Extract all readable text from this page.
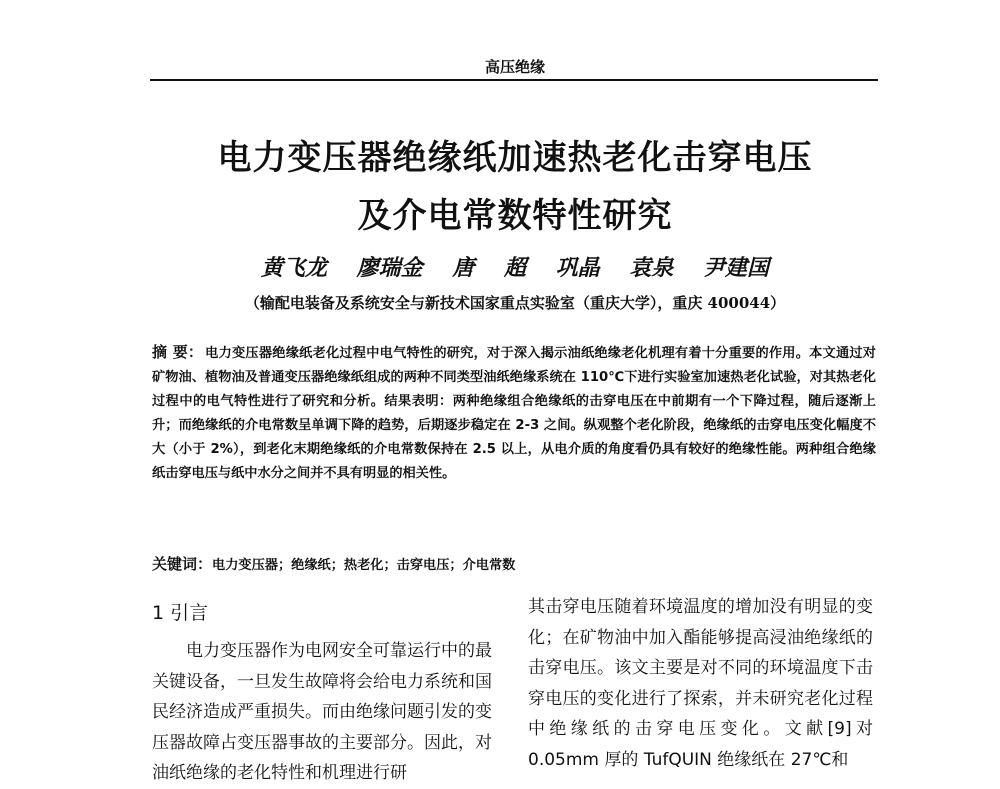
高压绝缘
电力变压器绝缘纸加速热老化击穿电压
及介电常数特性研究
黄飞龙 廖瑞金 唐 超 巩晶 袁泉 尹建国
（输配电装备及系统安全与新技术国家重点实验室（重庆大学），重庆 400044）
摘 要： 电力变压器绝缘纸老化过程中电气特性的研究，对于深入揭示油纸绝缘老化机理有着十分重要的作用。本文通过对矿物油、植物油及普通变压器绝缘纸组成的两种不同类型油纸绝缘系统在 110℃下进行实验室加速热老化试验，对其热老化过程中的电气特性进行了研究和分析。结果表明：两种绝缘组合绝缘纸的击穿电压在中前期有一个下降过程，随后逐渐上升；而绝缘纸的介电常数呈单调下降的趋势，后期逐步稳定在 2-3 之间。纵观整个老化阶段，绝缘纸的击穿电压变化幅度不大（小于 2%），到老化末期绝缘纸的介电常数保持在 2.5 以上，从电介质的角度看仍具有较好的绝缘性能。两种组合绝缘纸击穿电压与纸中水分之间并不具有明显的相关性。
关键词：电力变压器；绝缘纸；热老化；击穿电压；介电常数
1 引言
电力变压器作为电网安全可靠运行中的最关键设备，一旦发生故障将会给电力系统和国民经济造成严重损失。而由绝缘问题引发的变压器故障占变压器事故的主要部分。因此，对油纸绝缘的老化特性和机理进行研
其击穿电压随着环境温度的增加没有明显的变化；在矿物油中加入酯能够提高浸油绝缘纸的击穿电压。该文主要是对不同的环境温度下击穿电压的变化进行了探索，并未研究老化过程中绝缘纸的击穿电压变化。文献[9]对 0.05mm 厚的 TufQUIN 绝缘纸在 27℃和
